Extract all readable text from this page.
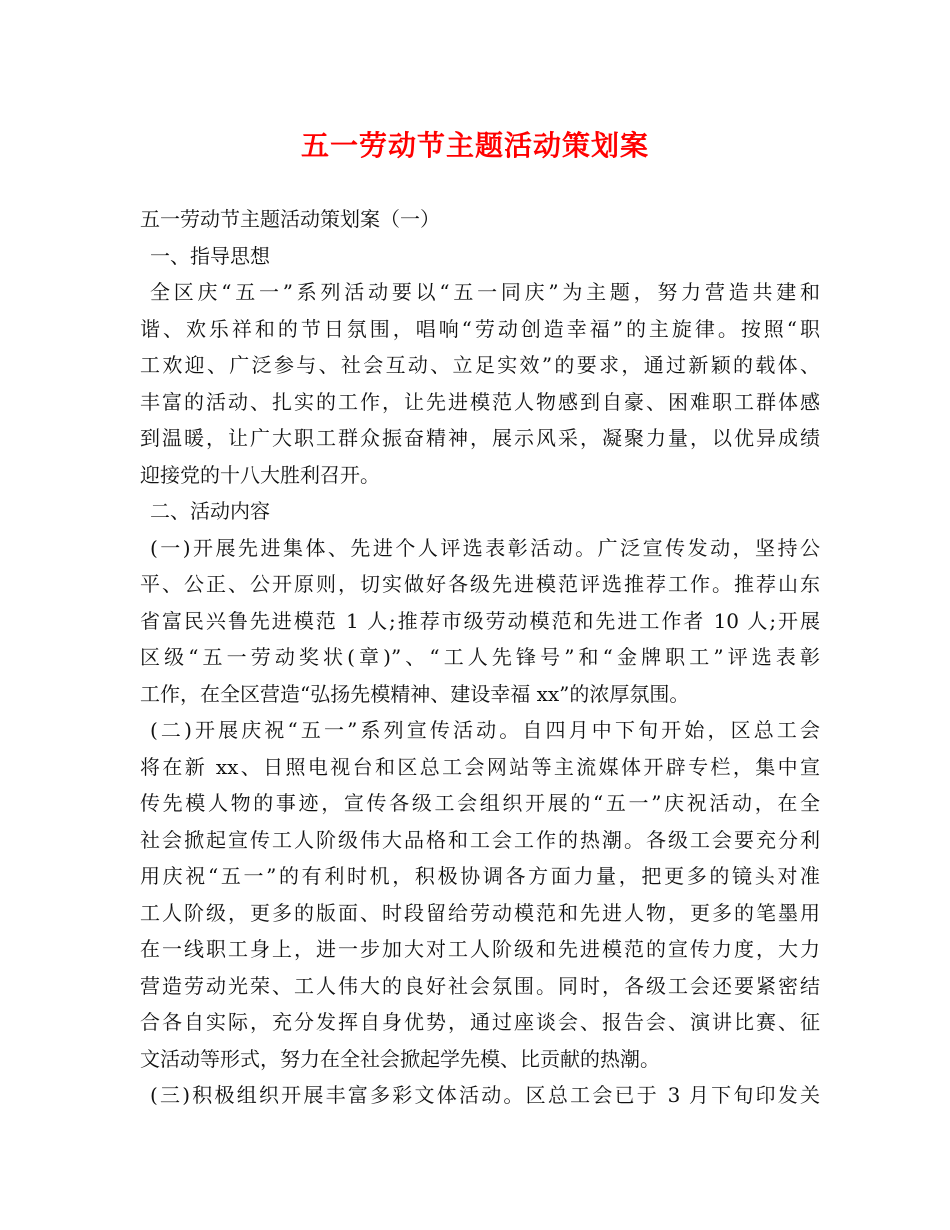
五一劳动节主题活动策划案
五一劳动节主题活动策划案（一）
一、指导思想
全区庆“五一”系列活动要以“五一同庆”为主题，努力营造共建和
谐、欢乐祥和的节日氛围，唱响“劳动创造幸福”的主旋律。按照“职
工欢迎、广泛参与、社会互动、立足实效”的要求，通过新颖的载体、
丰富的活动、扎实的工作，让先进模范人物感到自豪、困难职工群体感
到温暖，让广大职工群众振奋精神，展示风采，凝聚力量，以优异成绩
迎接党的十八大胜利召开。
二、活动内容
(一)开展先进集体、先进个人评选表彰活动。广泛宣传发动，坚持公
平、公正、公开原则，切实做好各级先进模范评选推荐工作。推荐山东
省富民兴鲁先进模范 1 人;推荐市级劳动模范和先进工作者 10 人;开展
区级“五一劳动奖状(章)”、“工人先锋号”和“金牌职工”评选表彰
工作，在全区营造“弘扬先模精神、建设幸福 xx”的浓厚氛围。
(二)开展庆祝“五一”系列宣传活动。自四月中下旬开始，区总工会
将在新 xx、日照电视台和区总工会网站等主流媒体开辟专栏，集中宣
传先模人物的事迹，宣传各级工会组织开展的“五一”庆祝活动，在全
社会掀起宣传工人阶级伟大品格和工会工作的热潮。各级工会要充分利
用庆祝“五一”的有利时机，积极协调各方面力量，把更多的镜头对准
工人阶级，更多的版面、时段留给劳动模范和先进人物，更多的笔墨用
在一线职工身上，进一步加大对工人阶级和先进模范的宣传力度，大力
营造劳动光荣、工人伟大的良好社会氛围。同时，各级工会还要紧密结
合各自实际，充分发挥自身优势，通过座谈会、报告会、演讲比赛、征
文活动等形式，努力在全社会掀起学先模、比贡献的热潮。
(三)积极组织开展丰富多彩文体活动。区总工会已于 3 月下旬印发关
